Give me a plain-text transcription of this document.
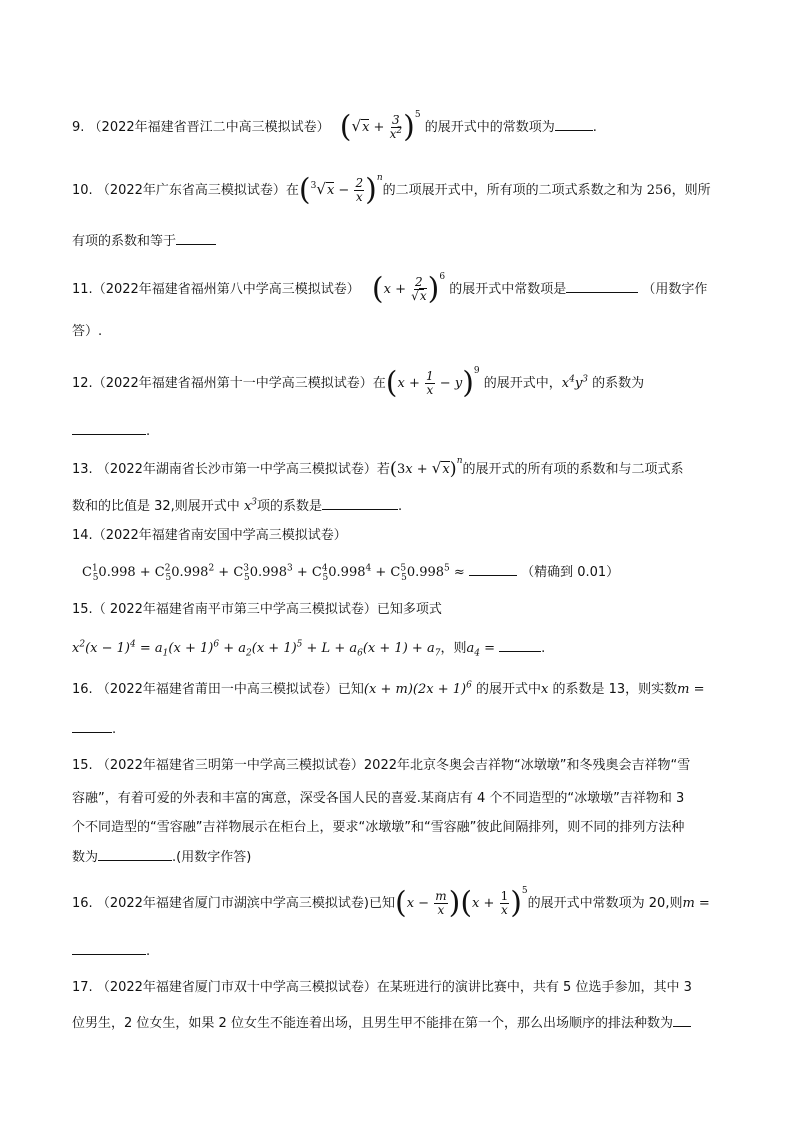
9. （2022年福建省晋江二中高三模拟试卷） $(√x + \frac{3}{x^2} )^5$ 的展开式中的常数项为	.
10. （2022年广东省高三模拟试卷）在$(^3√x - \frac{2}{x} )^n$的二项展开式中，所有项的二项式系数之和为 256，则所
有项的系数和等于
11.（2022年福建省福州第八中学高三模拟试卷） $(x + \frac{2}{√x} )^6$ 的展开式中常数项是	（用数字作
答）.
12.（2022年福建省福州第十一中学高三模拟试卷）在$(x + \frac{1}{x} - y)^9$ 的展开式中，$x^4y^3$ 的系数为
.
13. （2022年湖南省长沙市第一中学高三模拟试卷）若$(3x + √x)^n$的展开式的所有项的系数和与二项式系
数和的比值是 32,则展开式中 $x^3$项的系数是	.
14.（2022年福建省南安国中学高三模拟试卷）
$C^1_50.998 + C^2_50.998^2 + C^3_50.998^3 + C^4_50.998^4 + C^5_50.998^5$ ≈	（精确到 0.01）
15.（ 2022年福建省南平市第三中学高三模拟试卷）已知多项式
$x^2(x - 1)^4 = a_1(x + 1)^6 + a_2(x + 1)^5 + L + a_6(x + 1) + a_7$，则$a_4$ =	.
16. （2022年福建省莆田一中高三模拟试卷）已知$(x + m)(2x + 1)^6$ 的展开式中x 的系数是 13，则实数m =
.
15. （2022年福建省三明第一中学高三模拟试卷）2022年北京冬奥会吉祥物“冰墩墩”和冬残奥会吉祥物“雪
容融”，有着可爱的外表和丰富的寓意，深受各国人民的喜爱.某商店有 4 个不同造型的“冰墩墩”吉祥物和 3
个不同造型的“雪容融”吉祥物展示在柜台上，要求“冰墩墩”和“雪容融”彼此间隔排列，则不同的排列方法种
数为	.(用数字作答)
16. （2022年福建省厦门市湖滨中学高三模拟试卷)已知$(x - \frac{m}{x} )(x + \frac{1}{x} )^5$的展开式中常数项为 20,则m =
.
17. （2022年福建省厦门市双十中学高三模拟试卷）在某班进行的演讲比赛中，共有 5 位选手参加，其中 3
位男生，2 位女生，如果 2 位女生不能连着出场，且男生甲不能排在第一个，那么出场顺序的排法种数为
